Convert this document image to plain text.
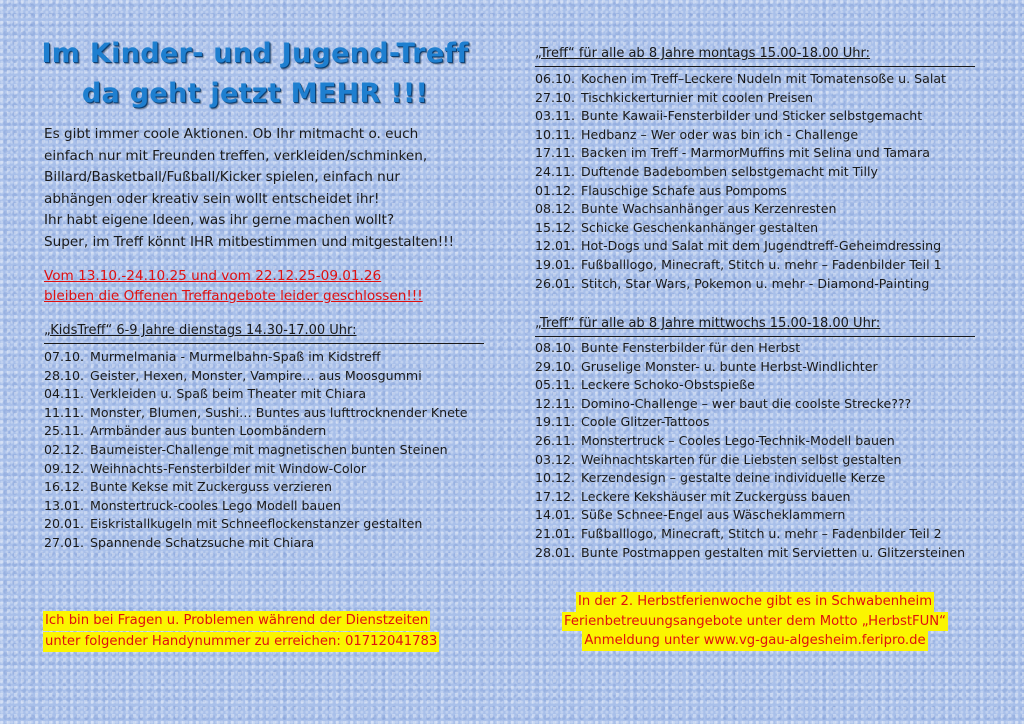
Im Kinder- und Jugend-Treff
da geht jetzt MEHR !!!
Es gibt immer coole Aktionen. Ob Ihr mitmacht o. euch
einfach nur mit Freunden treffen, verkleiden/schminken,
Billard/Basketball/Fußball/Kicker spielen, einfach nur
abhängen oder kreativ sein wollt entscheidet ihr!
Ihr habt eigene Ideen, was ihr gerne machen wollt?
Super, im Treff könnt IHR mitbestimmen und mitgestalten!!!
Vom 13.10.-24.10.25 und vom 22.12.25-09.01.26
bleiben die Offenen Treffangebote leider geschlossen!!!
„KidsTreff“ 6-9 Jahre dienstags 14.30-17.00 Uhr:
07.10. Murmelmania - Murmelbahn-Spaß im Kidstreff
28.10. Geister, Hexen, Monster, Vampire… aus Moosgummi
04.11. Verkleiden u. Spaß beim Theater mit Chiara
11.11. Monster, Blumen, Sushi… Buntes aus lufttrocknender Knete
25.11. Armbänder aus bunten Loombändern
02.12. Baumeister-Challenge mit magnetischen bunten Steinen
09.12. Weihnachts-Fensterbilder mit Window-Color
16.12. Bunte Kekse mit Zuckerguss verzieren
13.01. Monstertruck-cooles Lego Modell bauen
20.01. Eiskristallkugeln mit Schneeflockenstanzer gestalten
27.01. Spannende Schatzsuche mit Chiara
„Treff“ für alle ab 8 Jahre montags 15.00-18.00 Uhr:
06.10. Kochen im Treff–Leckere Nudeln mit Tomatensoße u. Salat
27.10. Tischkickerturnier mit coolen Preisen
03.11. Bunte Kawaii-Fensterbilder und Sticker selbstgemacht
10.11. Hedbanz – Wer oder was bin ich - Challenge
17.11. Backen im Treff - MarmorMuffins mit Selina und Tamara
24.11. Duftende Badebomben selbstgemacht mit Tilly
01.12. Flauschige Schafe aus Pompoms
08.12. Bunte Wachsanhänger aus Kerzenresten
15.12. Schicke Geschenkanhänger gestalten
12.01. Hot-Dogs und Salat mit dem Jugendtreff-Geheimdressing
19.01. Fußballlogo, Minecraft, Stitch u. mehr – Fadenbilder Teil 1
26.01. Stitch, Star Wars, Pokemon u. mehr - Diamond-Painting
„Treff“ für alle ab 8 Jahre mittwochs 15.00-18.00 Uhr:
08.10. Bunte Fensterbilder für den Herbst
29.10. Gruselige Monster- u. bunte Herbst-Windlichter
05.11. Leckere Schoko-Obstspieße
12.11. Domino-Challenge – wer baut die coolste Strecke???
19.11. Coole Glitzer-Tattoos
26.11. Monstertruck – Cooles Lego-Technik-Modell bauen
03.12. Weihnachtskarten für die Liebsten selbst gestalten
10.12. Kerzendesign – gestalte deine individuelle Kerze
17.12. Leckere Kekshäuser mit Zuckerguss bauen
14.01. Süße Schnee-Engel aus Wäscheklammern
21.01. Fußballlogo, Minecraft, Stitch u. mehr – Fadenbilder Teil 2
28.01. Bunte Postmappen gestalten mit Servietten u. Glitzersteinen
Ich bin bei Fragen u. Problemen während der Dienstzeiten
unter folgender Handynummer zu erreichen: 01712041783
In der 2. Herbstferienwoche gibt es in Schwabenheim
Ferienbetreuungsangebote unter dem Motto „HerbstFUN“
Anmeldung unter www.vg-gau-algesheim.feripro.de
